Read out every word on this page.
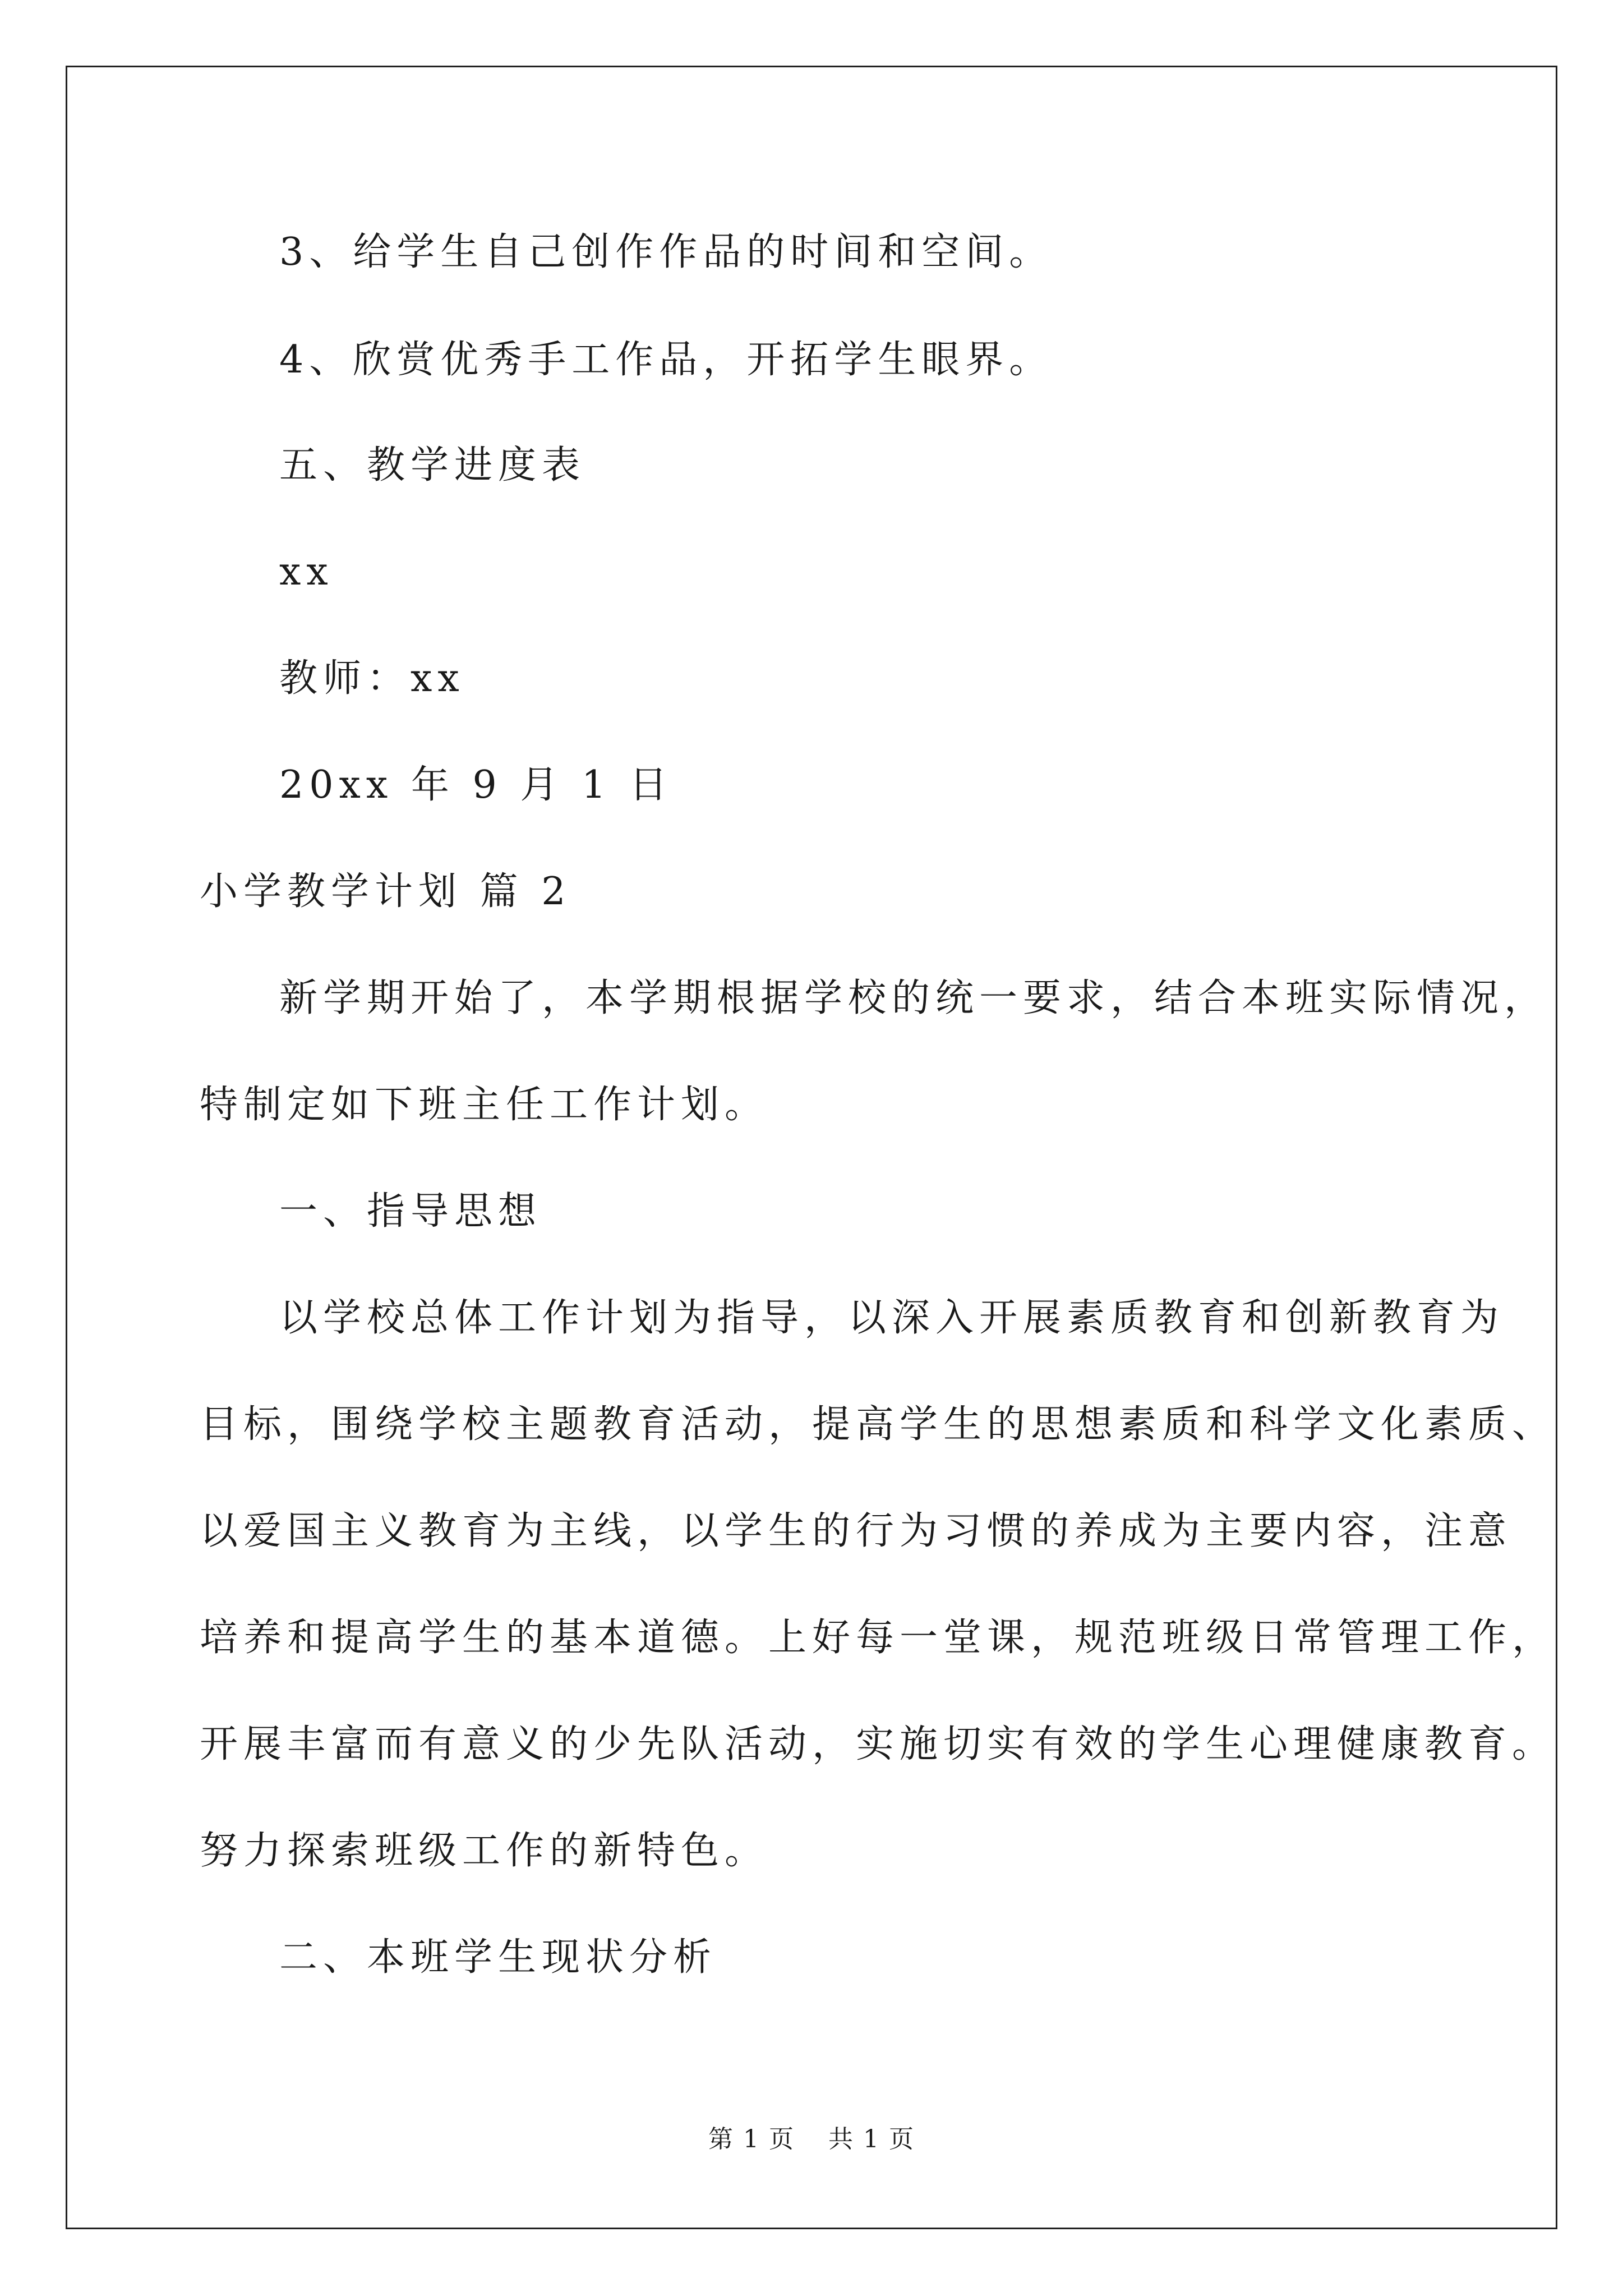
3、给学生自己创作作品的时间和空间。
4、欣赏优秀手工作品，开拓学生眼界。
五、教学进度表
xx
教师：xx
20xx 年 9 月 1 日
小学教学计划 篇 2
新学期开始了，本学期根据学校的统一要求，结合本班实际情况，
特制定如下班主任工作计划。
一、指导思想
以学校总体工作计划为指导，以深入开展素质教育和创新教育为
目标，围绕学校主题教育活动，提高学生的思想素质和科学文化素质、
以爱国主义教育为主线，以学生的行为习惯的养成为主要内容，注意
培养和提高学生的基本道德。上好每一堂课，规范班级日常管理工作，
开展丰富而有意义的少先队活动，实施切实有效的学生心理健康教育。
努力探索班级工作的新特色。
二、本班学生现状分析
第 1 页 共 1 页
